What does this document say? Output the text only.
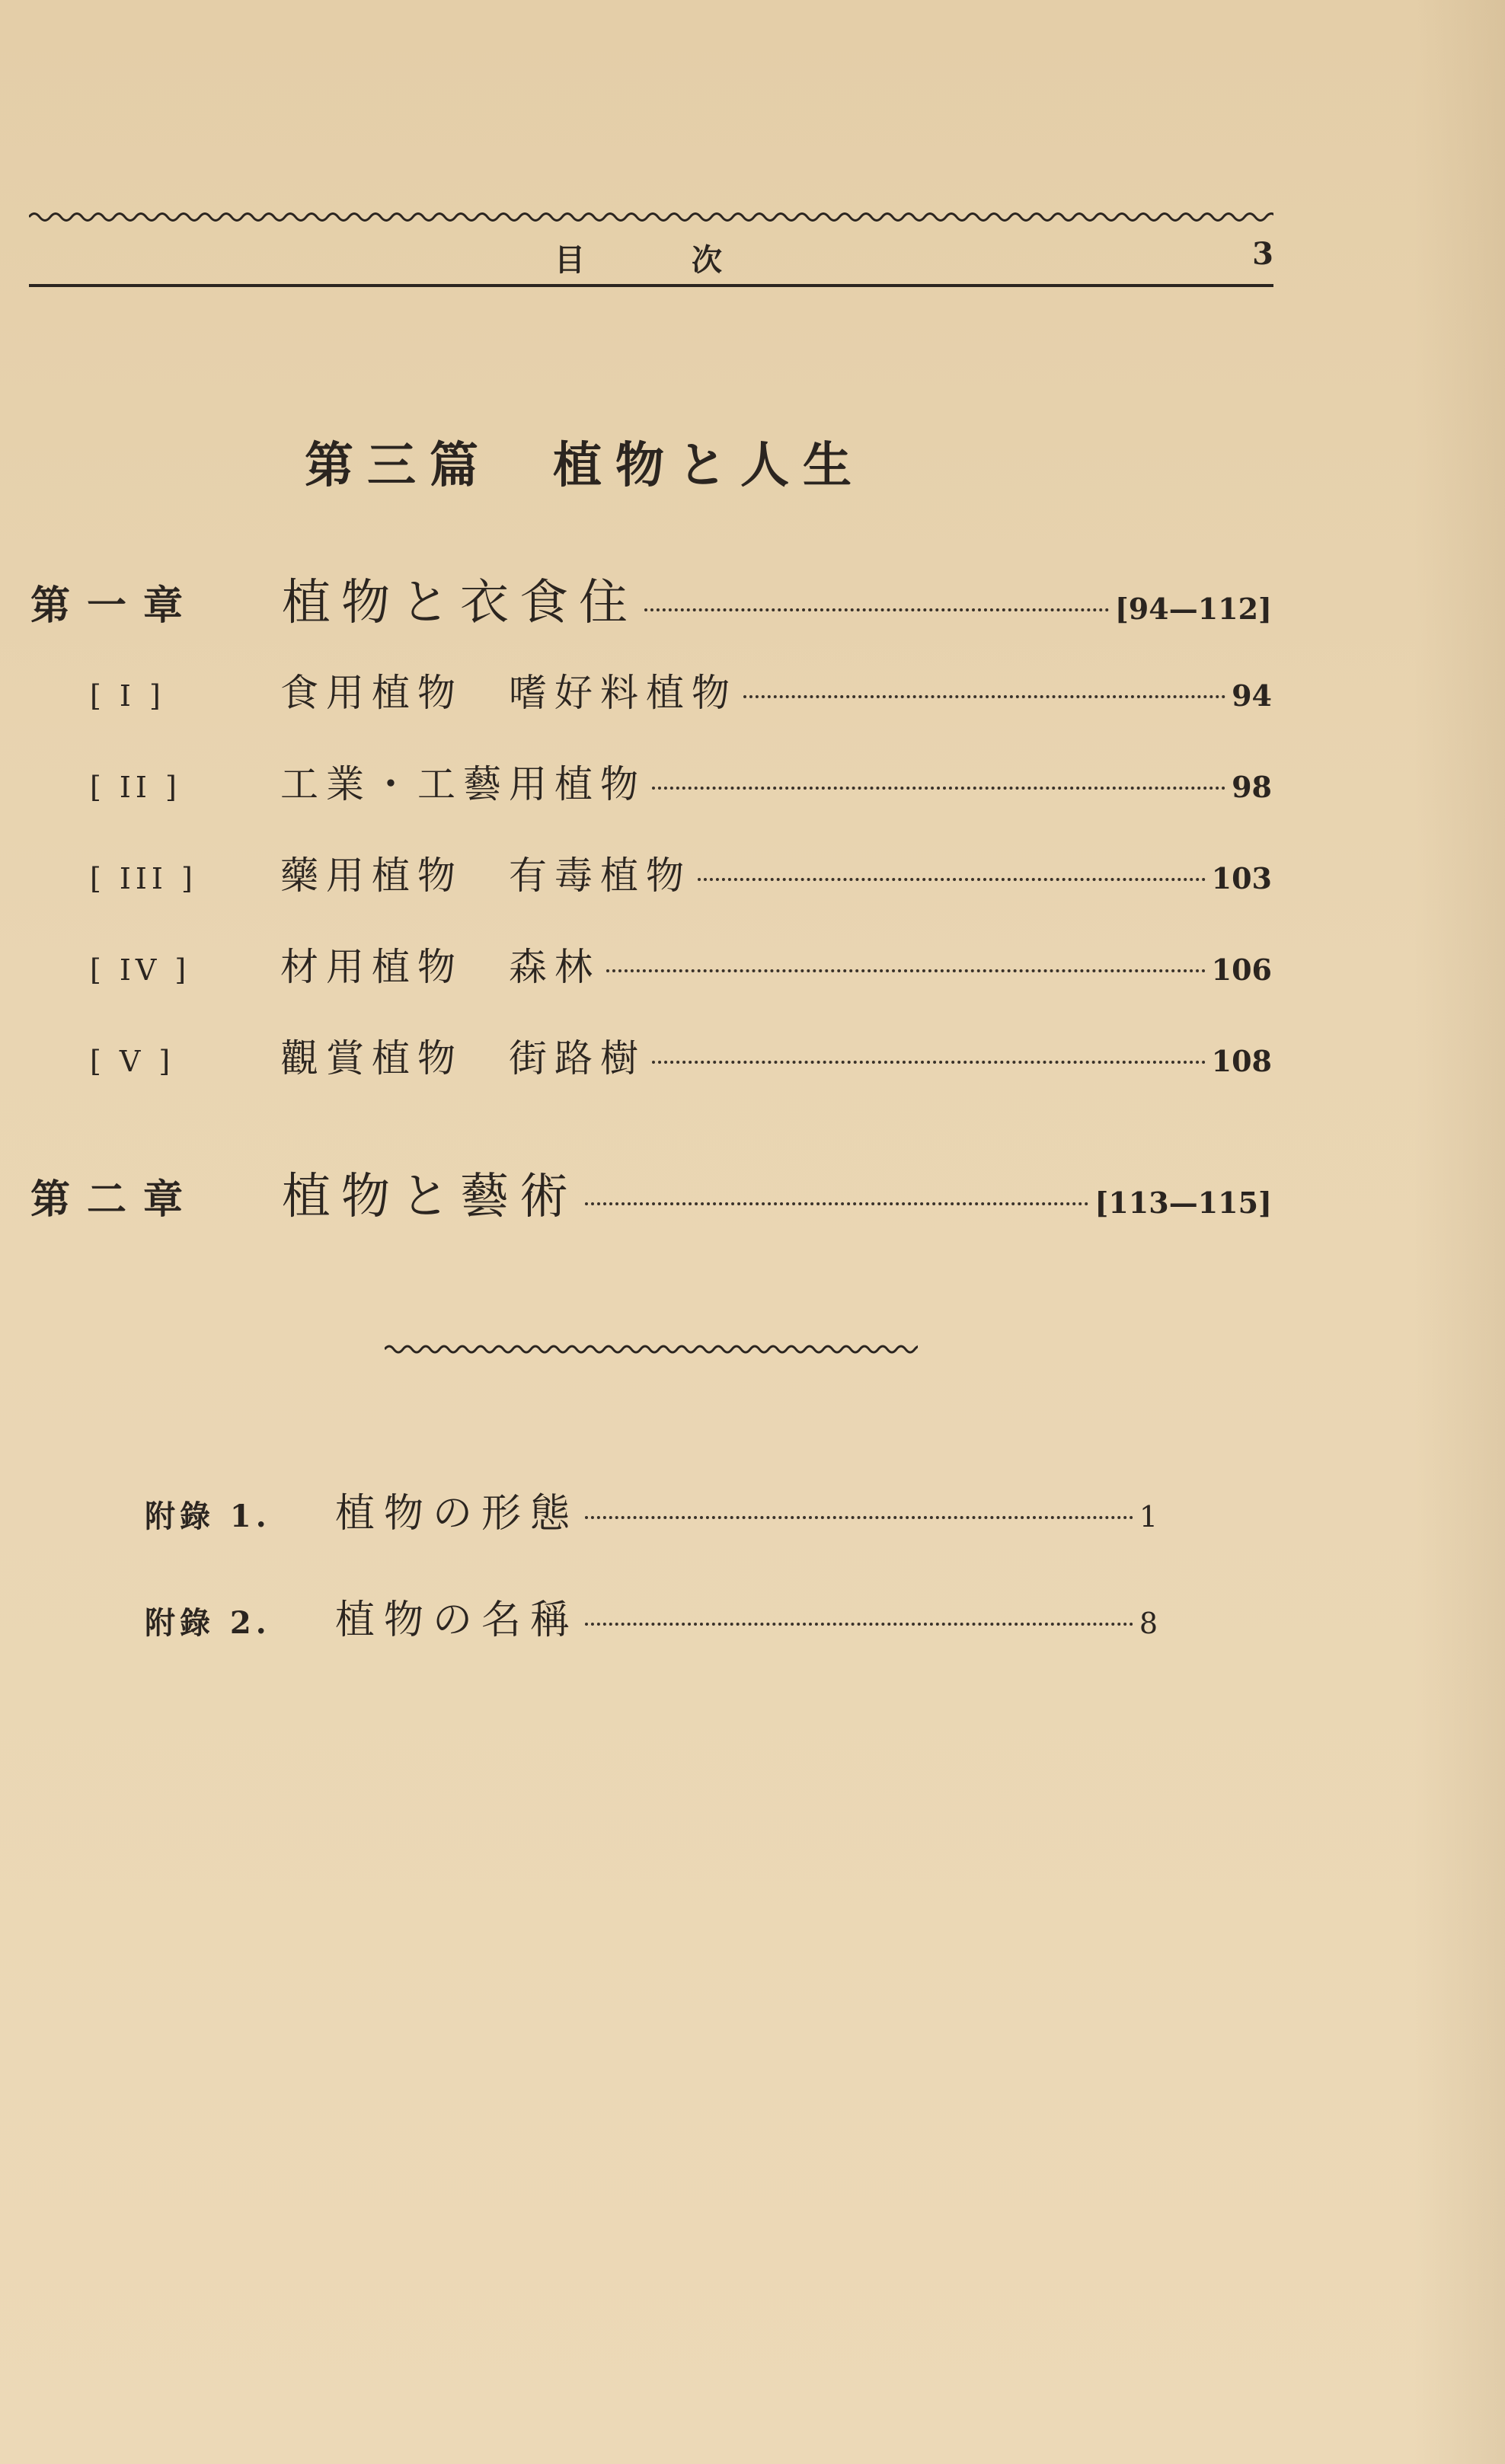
目次	3
第三篇 植物と人生
第一章	植物と衣食住	[94—112]
[ I ]	食用植物　嗜好料植物	94
[ II ]	工業・工藝用植物	98
[ III ]	藥用植物　有毒植物	103
[ IV ]	材用植物　森林	106
[ V ]	觀賞植物　街路樹	108
第二章	植物と藝術	[113—115]
附錄 1.	植物の形態	1
附錄 2.	植物の名稱	8
